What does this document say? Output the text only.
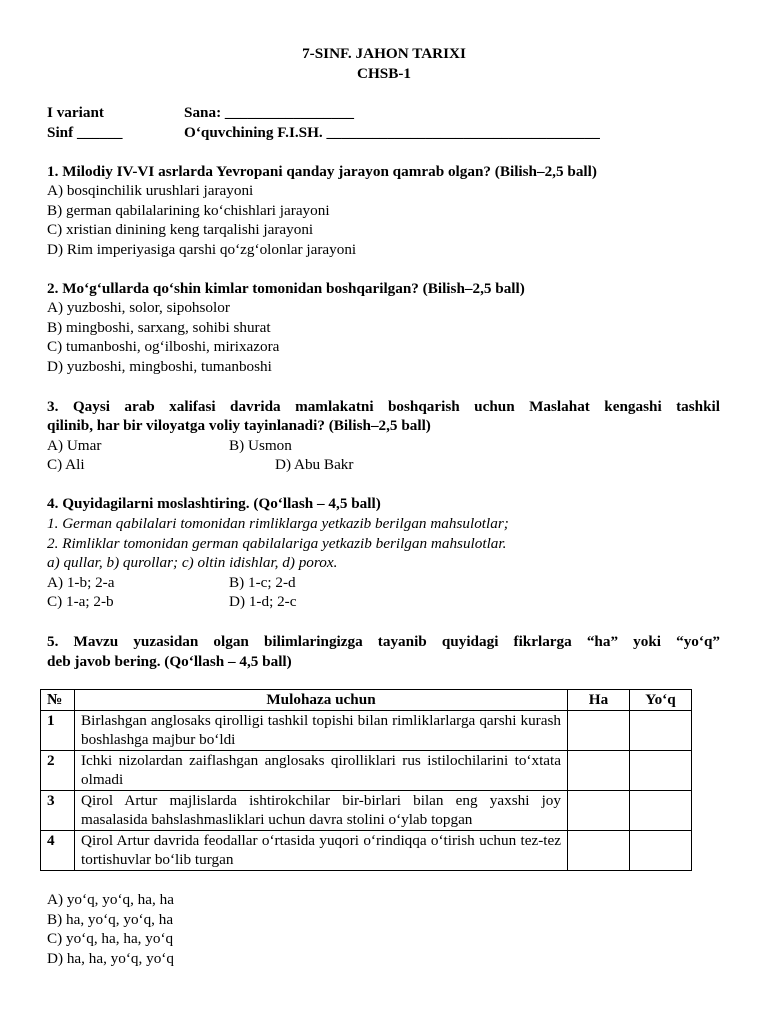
7-SINF. JAHON TARIXI
CHSB-1
I variant	Sana: _________________
Sinf ______	O‘quvchining F.I.SH. ____________________________________
1. Milodiy IV-VI asrlarda Yevropani qanday jarayon qamrab olgan? (Bilish–2,5 ball)
A) bosqinchilik urushlari jarayoni
B) german qabilalarining ko‘chishlari jarayoni
C) xristian dinining keng tarqalishi jarayoni
D) Rim imperiyasiga qarshi qo‘zg‘olonlar jarayoni
2. Mo‘g‘ullarda qo‘shin kimlar tomonidan boshqarilgan? (Bilish–2,5 ball)
A) yuzboshi, solor, sipohsolor
B) mingboshi, sarxang, sohibi shurat
C) tumanboshi, og‘ilboshi, mirixazora
D) yuzboshi, mingboshi, tumanboshi
3. Qaysi arab xalifasi davrida mamlakatni boshqarish uchun Maslahat kengashi tashkil
qilinib, har bir viloyatga voliy tayinlanadi? (Bilish–2,5 ball)
A) Umar	B) Usmon
C) Ali	D) Abu Bakr
4. Quyidagilarni moslashtiring. (Qo‘llash – 4,5 ball)
1. German qabilalari tomonidan rimliklarga yetkazib berilgan mahsulotlar;
2. Rimliklar tomonidan german qabilalariga yetkazib berilgan mahsulotlar.
a) qullar, b) qurollar; c) oltin idishlar, d) porox.
A) 1-b; 2-a	B) 1-c; 2-d
C) 1-a; 2-b	D) 1-d; 2-c
5. Mavzu yuzasidan olgan bilimlaringizga tayanib quyidagi fikrlarga “ha” yoki “yo‘q”
deb javob bering. (Qo‘llash – 4,5 ball)
№	Mulohaza uchun	Ha	Yo‘q
1	Birlashgan anglosaks qirolligi tashkil topishi bilan rimliklarlarga qarshi kurash boshlashga majbur bo‘ldi		
2	Ichki nizolardan zaiflashgan anglosaks qirolliklari rus istilochilarini to‘xtata olmadi		
3	Qirol Artur majlislarda ishtirokchilar bir-birlari bilan eng yaxshi joy masalasida bahslashmasliklari uchun davra stolini o‘ylab topgan		
4	Qirol Artur davrida feodallar o‘rtasida yuqori o‘rindiqqa o‘tirish uchun tez-tez tortishuvlar bo‘lib turgan		
A) yo‘q, yo‘q, ha, ha
B) ha, yo‘q, yo‘q, ha
C) yo‘q, ha, ha, yo‘q
D) ha, ha, yo‘q, yo‘q
